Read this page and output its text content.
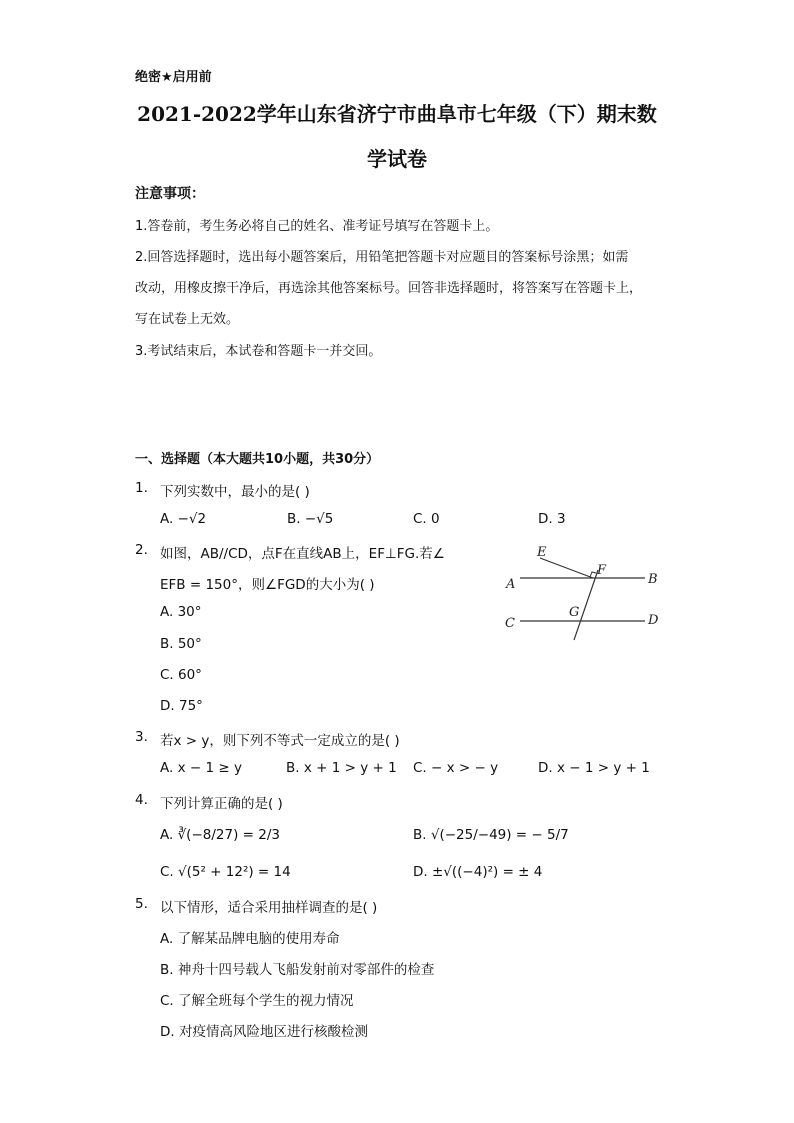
绝密★启用前
2021-2022学年山东省济宁市曲阜市七年级（下）期末数
学试卷
注意事项：
1.答卷前，考生务必将自己的姓名、准考证号填写在答题卡上。
2.回答选择题时，选出每小题答案后，用铅笔把答题卡对应题目的答案标号涂黑；如需
改动，用橡皮擦干净后，再选涂其他答案标号。回答非选择题时，将答案写在答题卡上，
写在试卷上无效。
3.考试结束后，本试卷和答题卡一并交回。
一、选择题（本大题共10小题，共30分）
1. 下列实数中，最小的是( )
A. −√2	B. −√5	C. 0	D. 3
2. 如图，AB//CD，点F在直线AB上，EF⊥FG.若∠
EFB = 150°，则∠FGD的大小为( )
A. 30°
B. 50°
C. 60°
D. 75°
E
F
A	B
G
C	D
3. 若x > y，则下列不等式一定成立的是( )
A. x − 1 ≥ y	B. x + 1 > y + 1 C. − x > − y	D. x − 1 > y + 1
4. 下列计算正确的是( )
A. ∛(−8/27) = 2/3	B. √(−25/−49) = − 5/7
C. √(5² + 12²) = 14	D. ±√((−4)²) = ± 4
5. 以下情形，适合采用抽样调查的是( )
A. 了解某品牌电脑的使用寿命
B. 神舟十四号载人飞船发射前对零部件的检查
C. 了解全班每个学生的视力情况
D. 对疫情高风险地区进行核酸检测
